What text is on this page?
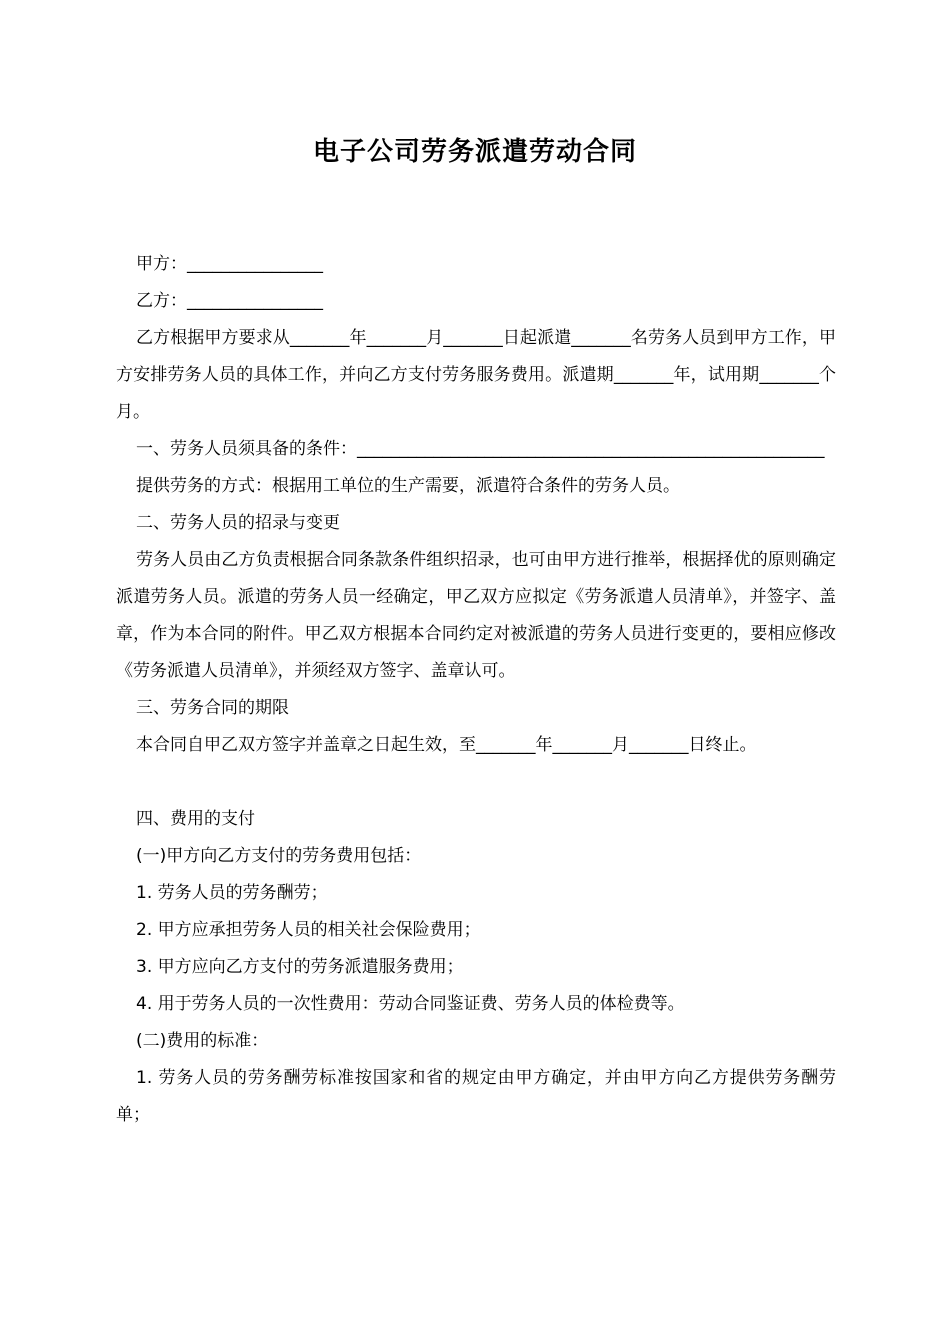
电子公司劳务派遣劳动合同

甲方：________________

乙方：________________

乙方根据甲方要求从_______年_______月_______日起派遣_______名劳务人员到甲方工作，甲方安排劳务人员的具体工作，并向乙方支付劳务服务费用。派遣期_______年，试用期_______个月。

一、劳务人员须具备的条件：_______________________________________________________

提供劳务的方式：根据用工单位的生产需要，派遣符合条件的劳务人员。

二、劳务人员的招录与变更

劳务人员由乙方负责根据合同条款条件组织招录，也可由甲方进行推举，根据择优的原则确定派遣劳务人员。派遣的劳务人员一经确定，甲乙双方应拟定《劳务派遣人员清单》，并签字、盖章，作为本合同的附件。甲乙双方根据本合同约定对被派遣的劳务人员进行变更的，要相应修改《劳务派遣人员清单》，并须经双方签字、盖章认可。

三、劳务合同的期限

本合同自甲乙双方签字并盖章之日起生效，至_______年_______月_______日终止。

四、费用的支付

(一)甲方向乙方支付的劳务费用包括：

1. 劳务人员的劳务酬劳；

2. 甲方应承担劳务人员的相关社会保险费用；

3. 甲方应向乙方支付的劳务派遣服务费用；

4. 用于劳务人员的一次性费用：劳动合同鉴证费、劳务人员的体检费等。

(二)费用的标准：

1. 劳务人员的劳务酬劳标准按国家和省的规定由甲方确定，并由甲方向乙方提供劳务酬劳单；
